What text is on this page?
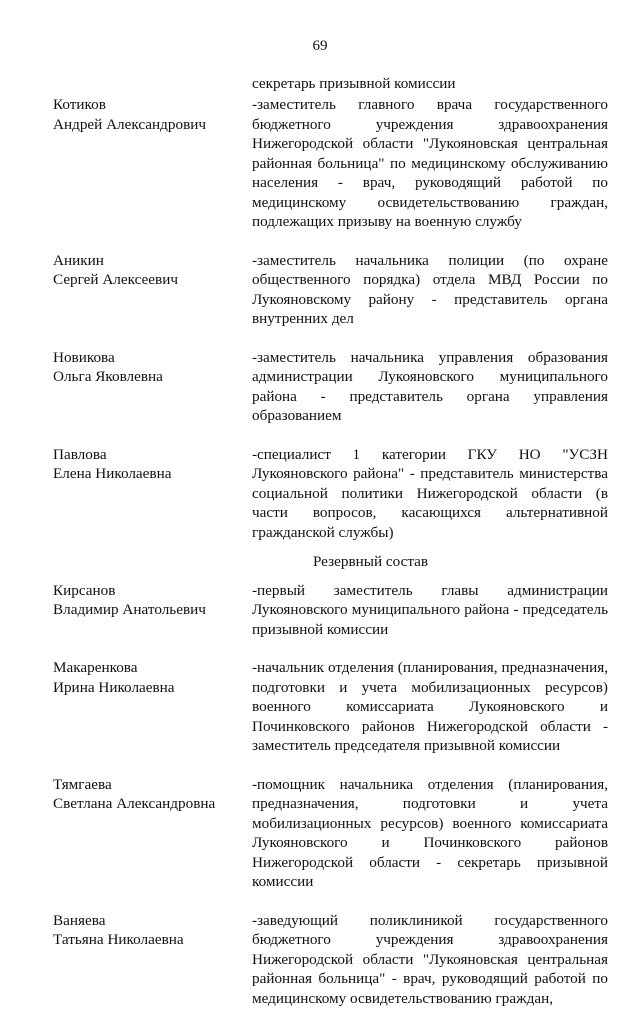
69
секретарь призывной комиссии
Котиков
Андрей Александрович
-заместитель главного врача государственного бюджетного учреждения здравоохранения Нижегородской области "Лукояновская центральная районная больница" по медицинскому обслуживанию населения - врач, руководящий работой по медицинскому освидетельствованию граждан, подлежащих призыву на военную службу
Аникин
Сергей Алексеевич
-заместитель начальника полиции (по охране общественного порядка) отдела МВД России по Лукояновскому району - представитель органа внутренних дел
Новикова
Ольга Яковлевна
-заместитель начальника управления образования администрации Лукояновского муниципального района - представитель органа управления образованием
Павлова
Елена Николаевна
-специалист 1 категории ГКУ НО "УСЗН Лукояновского района" - представитель министерства социальной политики Нижегородской области (в части вопросов, касающихся альтернативной гражданской службы)
Резервный состав
Кирсанов
Владимир Анатольевич
-первый заместитель главы администрации Лукояновского муниципального района - председатель призывной комиссии
Макаренкова
Ирина Николаевна
-начальник отделения (планирования, предназначения, подготовки и учета мобилизационных ресурсов) военного комиссариата Лукояновского и Починковского районов Нижегородской области - заместитель председателя призывной комиссии
Тямгаева
Светлана Александровна
-помощник начальника отделения (планирования, предназначения, подготовки и учета мобилизационных ресурсов) военного комиссариата Лукояновского и Починковского районов Нижегородской области - секретарь призывной комиссии
Ваняева
Татьяна Николаевна
-заведующий поликлиникой государственного бюджетного учреждения здравоохранения Нижегородской области "Лукояновская центральная районная больница" - врач, руководящий работой по медицинскому освидетельствованию граждан,
